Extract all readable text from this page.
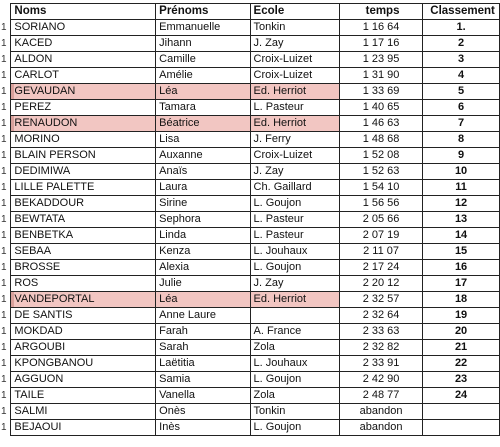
	Noms	Prénoms	Ecole	temps	Classement
1	SORIANO	Emmanuelle	Tonkin	1 16 64	1.
1	KACED	Jihann	J. Zay	1 17 16	2
1	ALDON	Camille	Croix-Luizet	1 23 95	3
1	CARLOT	Amélie	Croix-Luizet	1 31 90	4
1	GEVAUDAN	Léa	Ed. Herriot	1 33 69	5
1	PEREZ	Tamara	L. Pasteur	1 40 65	6
1	RENAUDON	Béatrice	Ed. Herriot	1 46 63	7
1	MORINO	Lisa	J. Ferry	1 48 68	8
1	BLAIN PERSON	Auxanne	Croix-Luizet	1 52 08	9
1	DEDIMIWA	Anaïs	J. Zay	1 52 63	10
1	LILLE PALETTE	Laura	Ch. Gaillard	1 54 10	11
1	BEKADDOUR	Sirine	L. Goujon	1 56 56	12
1	BEWTATA	Sephora	L. Pasteur	2 05 66	13
1	BENBETKA	Linda	L. Pasteur	2 07 19	14
1	SEBAA	Kenza	L. Jouhaux	2 11 07	15
1	BROSSE	Alexia	L. Goujon	2 17 24	16
1	ROS	Julie	J. Zay	2 20 12	17
1	VANDEPORTAL	Léa	Ed. Herriot	2 32 57	18
1	DE SANTIS	Anne Laure		2 32 64	19
1	MOKDAD	Farah	A. France	2 33 63	20
1	ARGOUBI	Sarah	Zola	2 32 82	21
1	KPONGBANOU	Laëtitia	L. Jouhaux	2 33 91	22
1	AGGUON	Samia	L. Goujon	2 42 90	23
1	TAILE	Vanella	Zola	2 48 77	24
1	SALMI	Onès	Tonkin	abandon	
1	BEJAOUI	Inès	L. Goujon	abandon	
